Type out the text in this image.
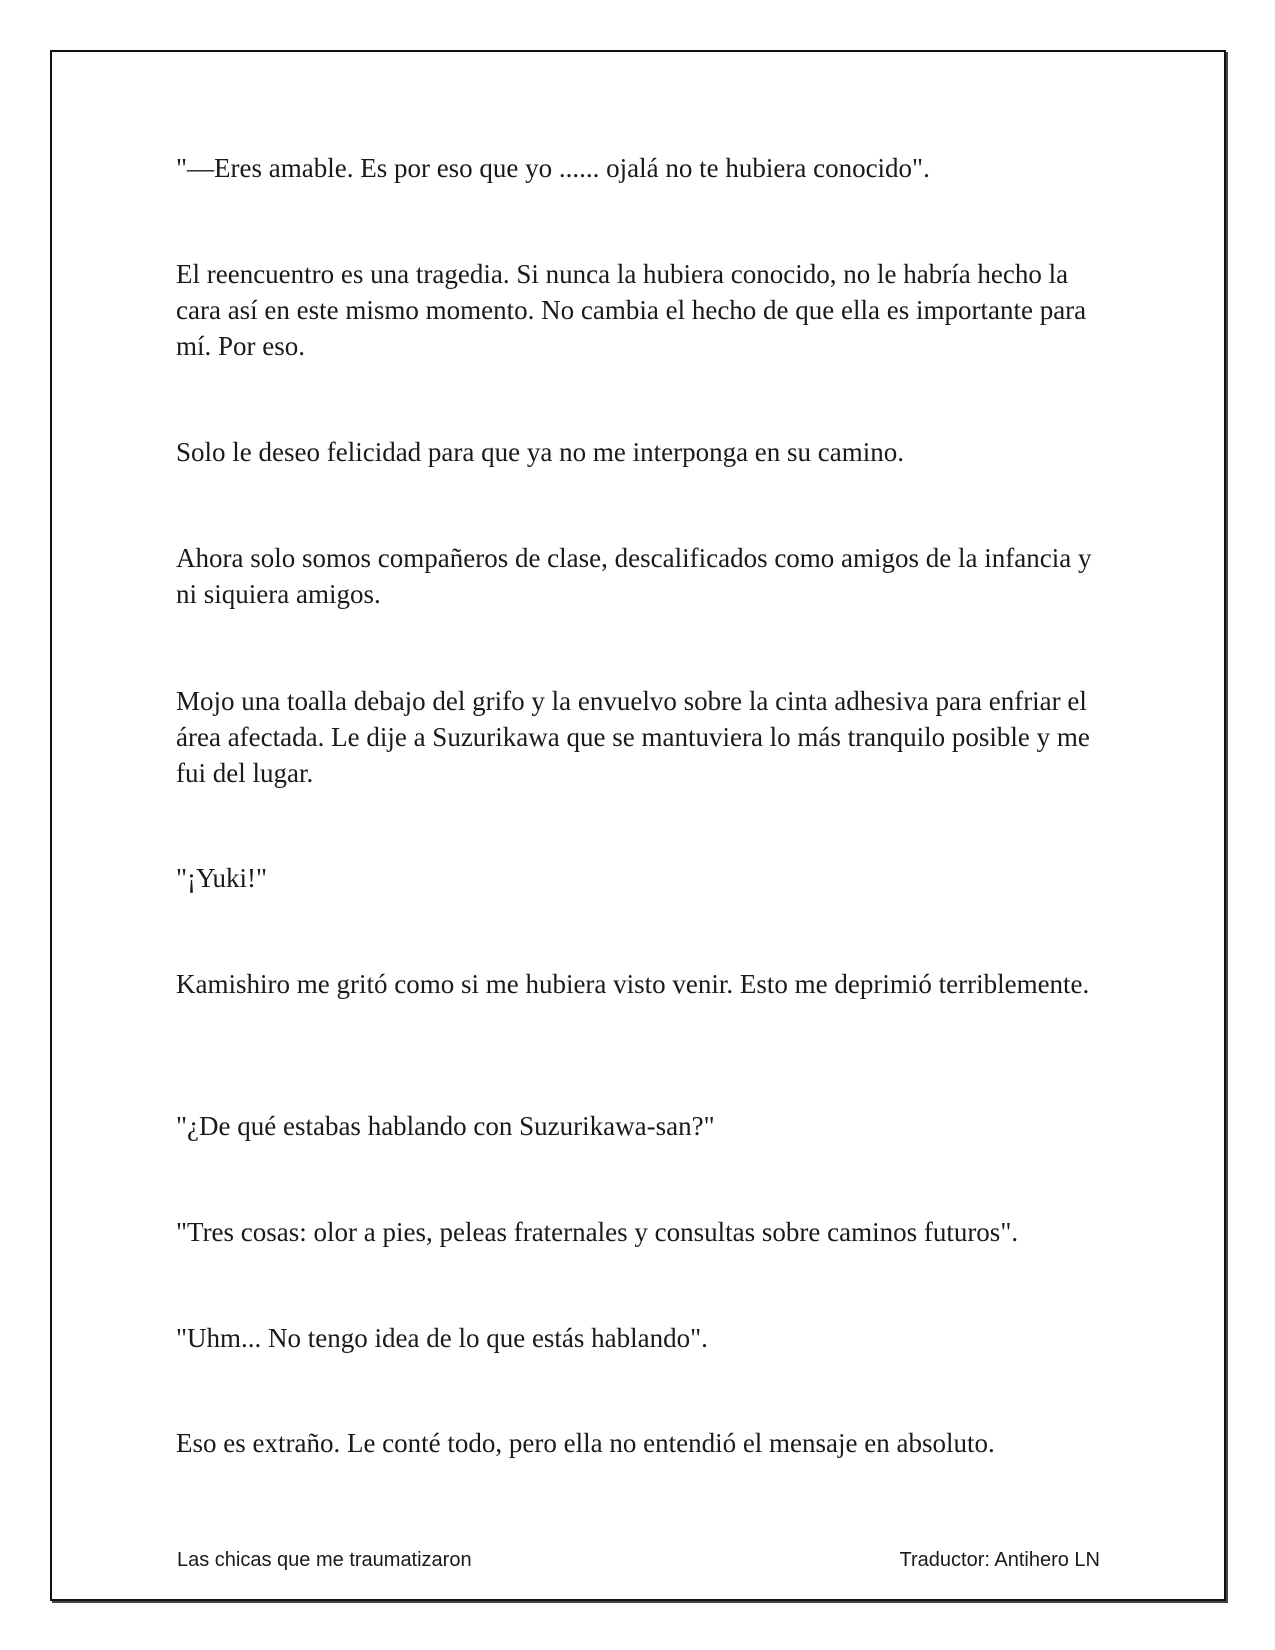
"—Eres amable. Es por eso que yo ...... ojalá no te hubiera conocido".

El reencuentro es una tragedia. Si nunca la hubiera conocido, no le habría hecho la cara así en este mismo momento. No cambia el hecho de que ella es importante para mí. Por eso.

Solo le deseo felicidad para que ya no me interponga en su camino.

Ahora solo somos compañeros de clase, descalificados como amigos de la infancia y ni siquiera amigos.

Mojo una toalla debajo del grifo y la envuelvo sobre la cinta adhesiva para enfriar el área afectada. Le dije a Suzurikawa que se mantuviera lo más tranquilo posible y me fui del lugar.

"¡Yuki!"

Kamishiro me gritó como si me hubiera visto venir. Esto me deprimió terriblemente.

"¿De qué estabas hablando con Suzurikawa-san?"

"Tres cosas: olor a pies, peleas fraternales y consultas sobre caminos futuros".

"Uhm... No tengo idea de lo que estás hablando".

Eso es extraño. Le conté todo, pero ella no entendió el mensaje en absoluto.

Las chicas que me traumatizaron	Traductor: Antihero LN
